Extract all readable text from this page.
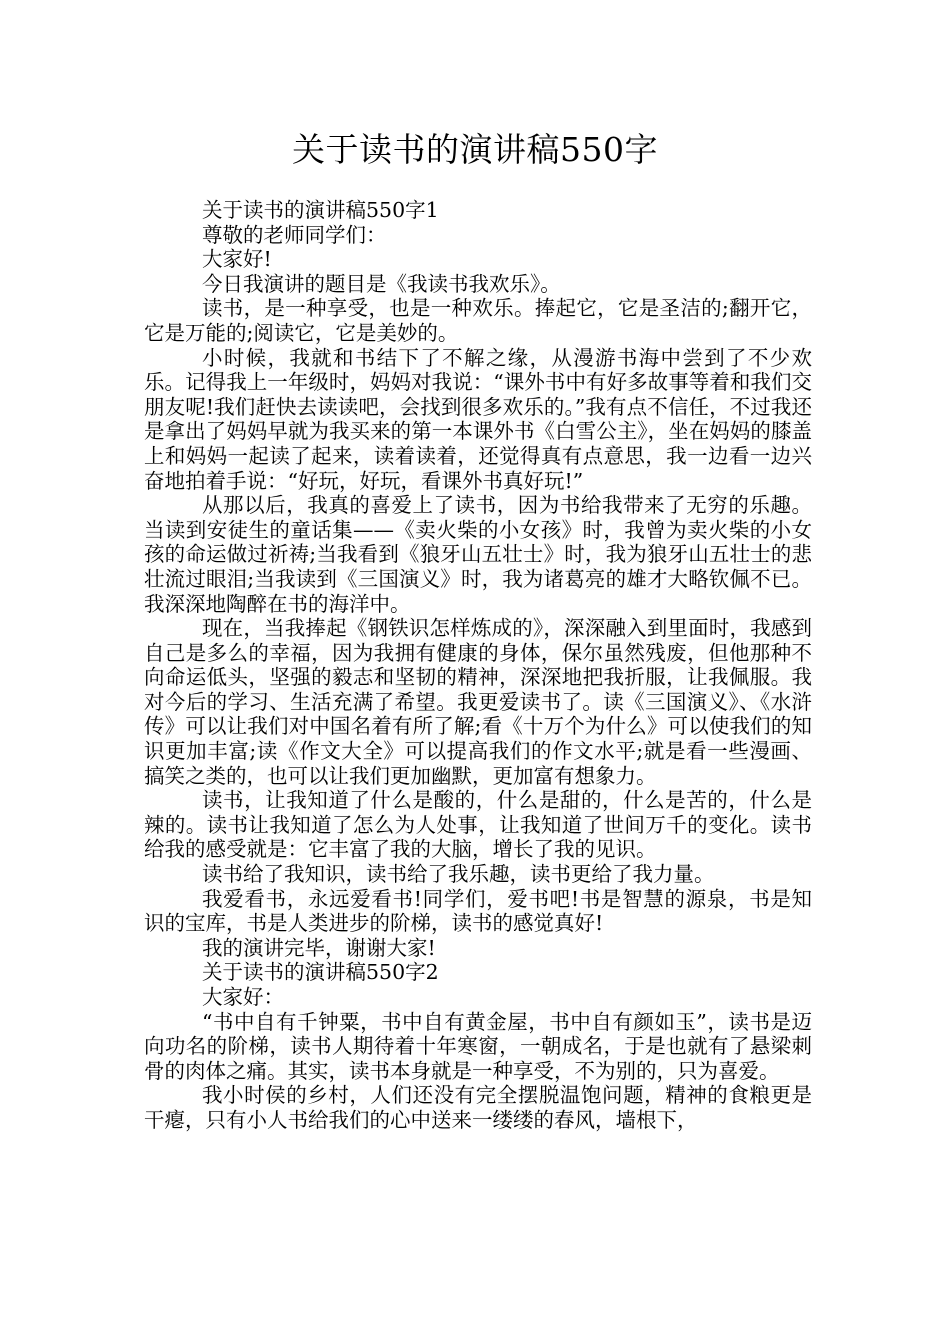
关于读书的演讲稿550字

关于读书的演讲稿550字1

尊敬的老师同学们：

大家好!

今日我演讲的题目是《我读书我欢乐》。

读书，是一种享受，也是一种欢乐。捧起它，它是圣洁的;翻开它，它是万能的;阅读它，它是美妙的。

小时候，我就和书结下了不解之缘，从漫游书海中尝到了不少欢乐。记得我上一年级时，妈妈对我说：“课外书中有好多故事等着和我们交朋友呢!我们赶快去读读吧，会找到很多欢乐的。”我有点不信任，不过我还是拿出了妈妈早就为我买来的第一本课外书《白雪公主》，坐在妈妈的膝盖上和妈妈一起读了起来，读着读着，还觉得真有点意思，我一边看一边兴奋地拍着手说：“好玩，好玩，看课外书真好玩!”

从那以后，我真的喜爱上了读书，因为书给我带来了无穷的乐趣。当读到安徒生的童话集——《卖火柴的小女孩》时，我曾为卖火柴的小女孩的命运做过祈祷;当我看到《狼牙山五壮士》时，我为狼牙山五壮士的悲壮流过眼泪;当我读到《三国演义》时，我为诸葛亮的雄才大略钦佩不已。我深深地陶醉在书的海洋中。

现在，当我捧起《钢铁识怎样炼成的》，深深融入到里面时，我感到自己是多么的幸福，因为我拥有健康的身体，保尔虽然残废，但他那种不向命运低头，坚强的毅志和坚韧的精神，深深地把我折服，让我佩服。我对今后的学习、生活充满了希望。我更爱读书了。读《三国演义》、《水浒传》可以让我们对中国名着有所了解;看《十万个为什么》可以使我们的知识更加丰富;读《作文大全》可以提高我们的作文水平;就是看一些漫画、搞笑之类的，也可以让我们更加幽默，更加富有想象力。

读书，让我知道了什么是酸的，什么是甜的，什么是苦的，什么是辣的。读书让我知道了怎么为人处事，让我知道了世间万千的变化。读书给我的感受就是：它丰富了我的大脑，增长了我的见识。

读书给了我知识，读书给了我乐趣，读书更给了我力量。

我爱看书，永远爱看书!同学们，爱书吧!书是智慧的源泉，书是知识的宝库，书是人类进步的阶梯，读书的感觉真好!

我的演讲完毕，谢谢大家!

关于读书的演讲稿550字2

大家好：

“书中自有千钟粟，书中自有黄金屋，书中自有颜如玉”，读书是迈向功名的阶梯，读书人期待着十年寒窗，一朝成名，于是也就有了悬梁刺骨的肉体之痛。其实，读书本身就是一种享受，不为别的，只为喜爱。

我小时侯的乡村，人们还没有完全摆脱温饱问题，精神的食粮更是干瘪，只有小人书给我们的心中送来一缕缕的春风，墙根下，
